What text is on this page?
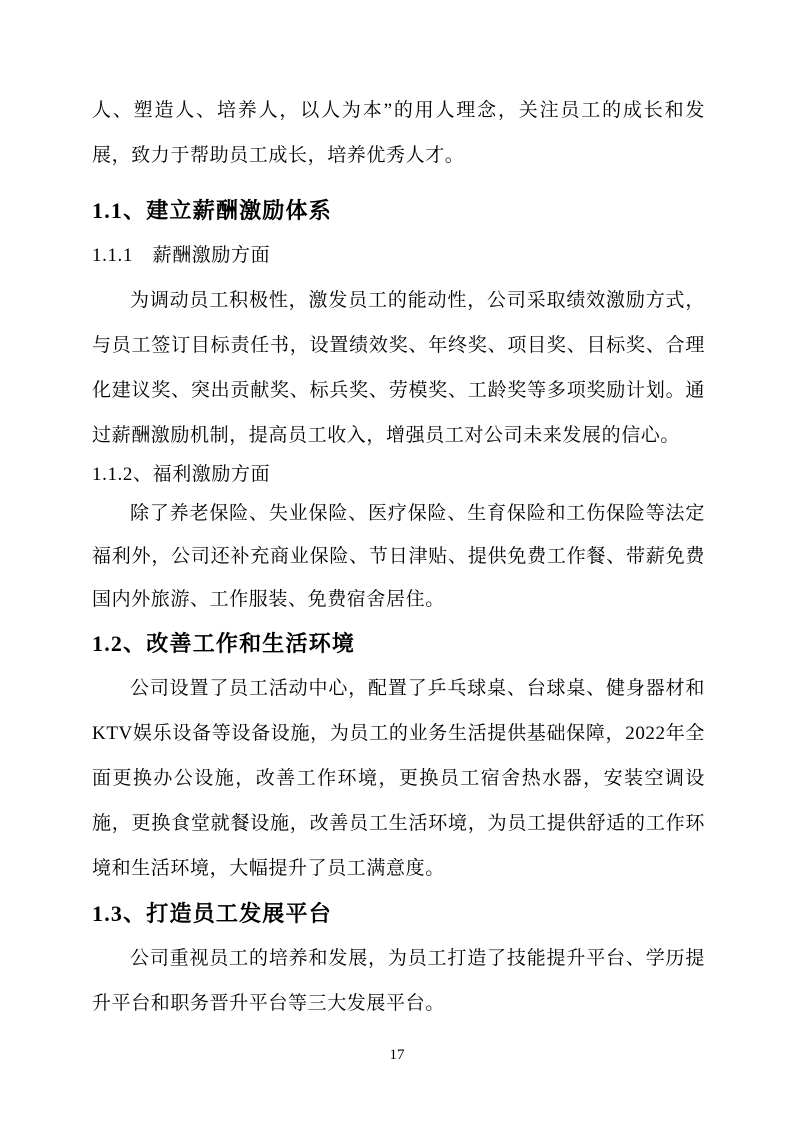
人、塑造人、培养人，以人为本”的用人理念，关注员工的成长和发展，致力于帮助员工成长，培养优秀人才。

1.1、建立薪酬激励体系

1.1.1　薪酬激励方面

为调动员工积极性，激发员工的能动性，公司采取绩效激励方式，与员工签订目标责任书，设置绩效奖、年终奖、项目奖、目标奖、合理化建议奖、突出贡献奖、标兵奖、劳模奖、工龄奖等多项奖励计划。通过薪酬激励机制，提高员工收入，增强员工对公司未来发展的信心。

1.1.2、福利激励方面

除了养老保险、失业保险、医疗保险、生育保险和工伤保险等法定福利外，公司还补充商业保险、节日津贴、提供免费工作餐、带薪免费国内外旅游、工作服装、免费宿舍居住。

1.2、改善工作和生活环境

公司设置了员工活动中心，配置了乒乓球桌、台球桌、健身器材和KTV娱乐设备等设备设施，为员工的业务生活提供基础保障，2022年全面更换办公设施，改善工作环境，更换员工宿舍热水器，安装空调设施，更换食堂就餐设施，改善员工生活环境，为员工提供舒适的工作环境和生活环境，大幅提升了员工满意度。

1.3、打造员工发展平台

公司重视员工的培养和发展，为员工打造了技能提升平台、学历提升平台和职务晋升平台等三大发展平台。

17
